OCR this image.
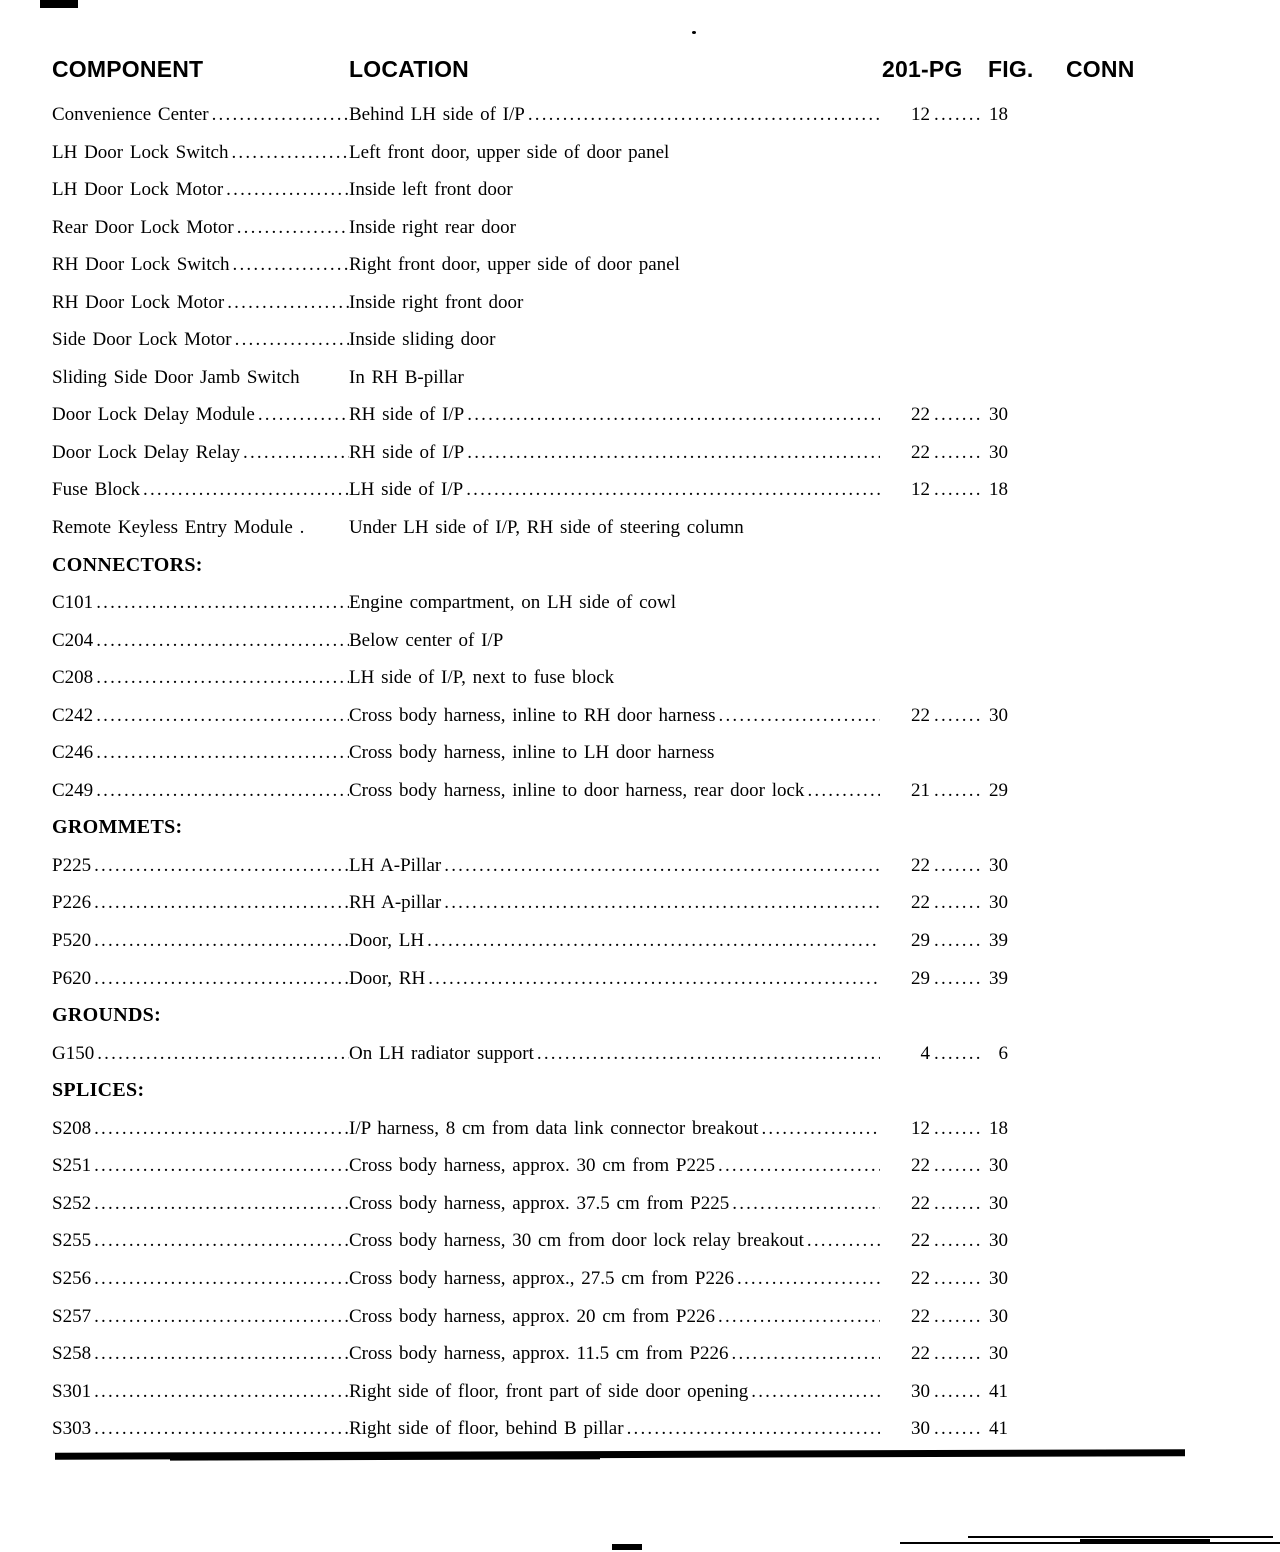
COMPONENT	LOCATION	201-PG FIG. CONN
Convenience Center .....	Behind LH side of I/P .....	12 .....	18
LH Door Lock Switch .....	Left front door, upper side of door panel
LH Door Lock Motor .....	Inside left front door
Rear Door Lock Motor .....	Inside right rear door
RH Door Lock Switch .....	Right front door, upper side of door panel
RH Door Lock Motor .....	Inside right front door
Side Door Lock Motor .....	Inside sliding door
Sliding Side Door Jamb Switch	In RH B-pillar
Door Lock Delay Module .....	RH side of I/P .....	22 .....	30
Door Lock Delay Relay .....	RH side of I/P .....	22 .....	30
Fuse Block .....	LH side of I/P .....	12 .....	18
Remote Keyless Entry Module . Under LH side of I/P, RH side of steering column
CONNECTORS:
C101 .....	Engine compartment, on LH side of cowl
C204 .....	Below center of I/P
C208 .....	LH side of I/P, next to fuse block
C242 .....	Cross body harness, inline to RH door harness .....	22 .....	30
C246 .....	Cross body harness, inline to LH door harness
C249 .....	Cross body harness, inline to door harness, rear door lock .....	21 .....	29
GROMMETS:
P225 .....	LH A-Pillar .....	22 .....	30
P226 .....	RH A-pillar .....	22 .....	30
P520 .....	Door, LH .....	29 .....	39
P620 .....	Door, RH .....	29 .....	39
GROUNDS:
G150 .....	On LH radiator support .....	4 .....	6
SPLICES:
S208 .....	I/P harness, 8 cm from data link connector breakout .....	12 .....	18
S251 .....	Cross body harness, approx. 30 cm from P225 .....	22 .....	30
S252 .....	Cross body harness, approx. 37.5 cm from P225 .....	22 .....	30
S255 .....	Cross body harness, 30 cm from door lock relay breakout .....	22 .....	30
S256 .....	Cross body harness, approx., 27.5 cm from P226 .....	22 .....	30
S257 .....	Cross body harness, approx. 20 cm from P226 .....	22 .....	30
S258 .....	Cross body harness, approx. 11.5 cm from P226 .....	22 .....	30
S301 .....	Right side of floor, front part of side door opening .....	30 .....	41
S303 .....	Right side of floor, behind B pillar .....	30 .....	41
